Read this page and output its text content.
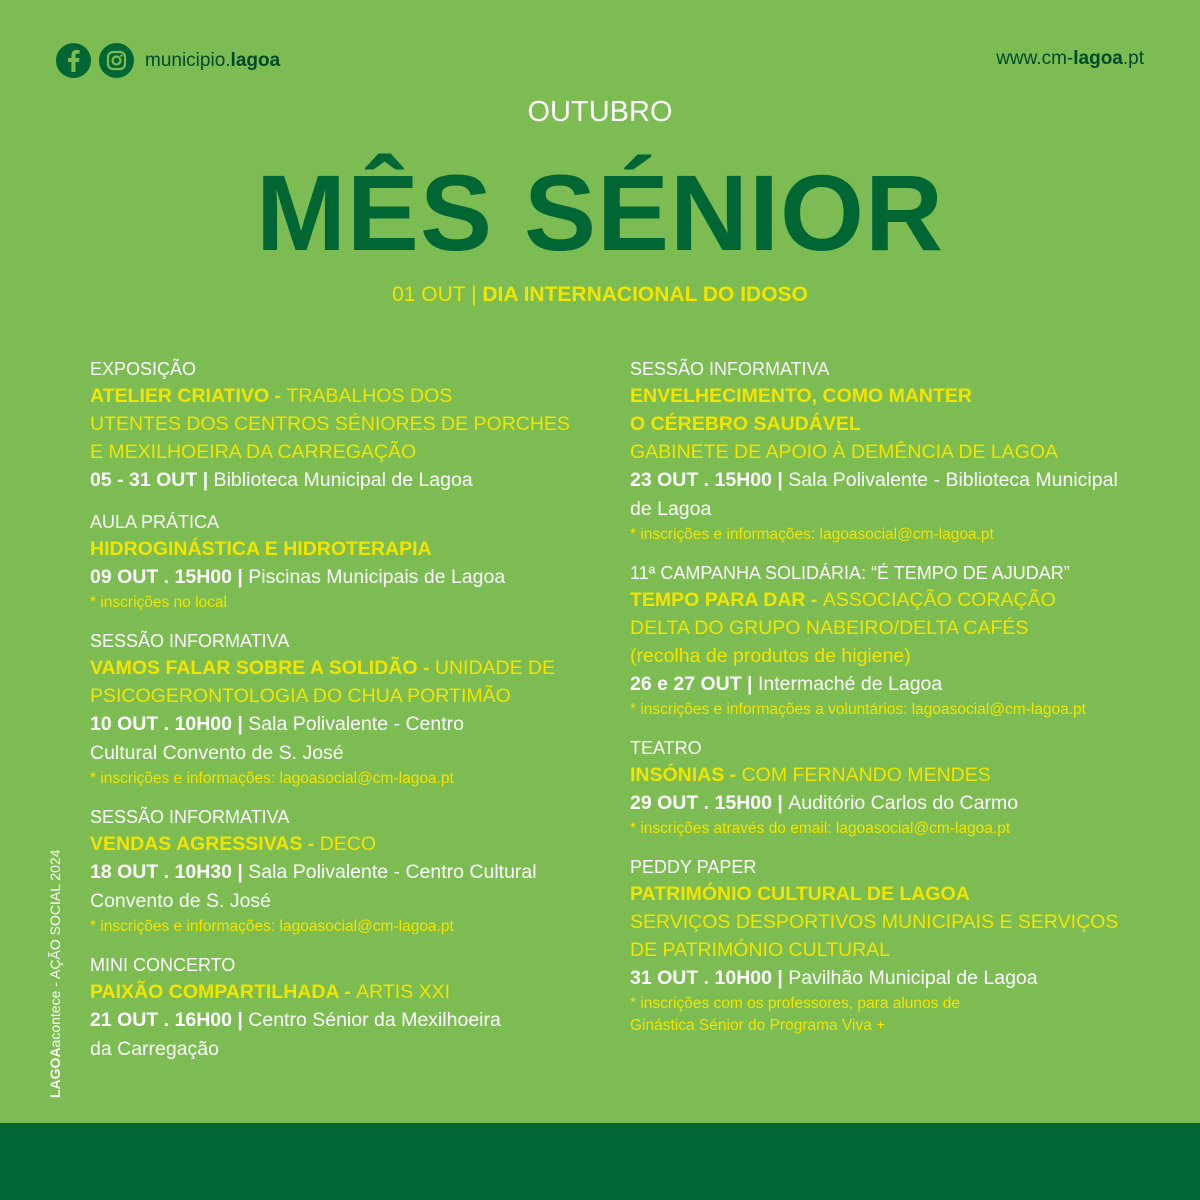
municipio.lagoa	www.cm-lagoa.pt
OUTUBRO
MÊS SÉNIOR
01 OUT | DIA INTERNACIONAL DO IDOSO
EXPOSIÇÃO
ATELIER CRIATIVO - TRABALHOS DOS
UTENTES DOS CENTROS SÉNIORES DE PORCHES
E MEXILHOEIRA DA CARREGAÇÃO
05 - 31 OUT | Biblioteca Municipal de Lagoa
AULA PRÁTICA
HIDROGINÁSTICA E HIDROTERAPIA
09 OUT . 15H00 | Piscinas Municipais de Lagoa
* inscrições no local
SESSÃO INFORMATIVA
VAMOS FALAR SOBRE A SOLIDÃO - UNIDADE DE
PSICOGERONTOLOGIA DO CHUA PORTIMÃO
10 OUT . 10H00 | Sala Polivalente - Centro
Cultural Convento de S. José
* inscrições e informações: lagoasocial@cm-lagoa.pt
SESSÃO INFORMATIVA
VENDAS AGRESSIVAS - DECO
18 OUT . 10H30 | Sala Polivalente - Centro Cultural
Convento de S. José
* inscrições e informações: lagoasocial@cm-lagoa.pt
MINI CONCERTO
PAIXÃO COMPARTILHADA - ARTIS XXI
21 OUT . 16H00 | Centro Sénior da Mexilhoeira
da Carregação
SESSÃO INFORMATIVA
ENVELHECIMENTO, COMO MANTER
O CÉREBRO SAUDÁVEL
GABINETE DE APOIO À DEMÊNCIA DE LAGOA
23 OUT . 15H00 | Sala Polivalente - Biblioteca Municipal
de Lagoa
* inscrições e informações: lagoasocial@cm-lagoa.pt
11ª CAMPANHA SOLIDÁRIA: “É TEMPO DE AJUDAR”
TEMPO PARA DAR - ASSOCIAÇÃO CORAÇÃO
DELTA DO GRUPO NABEIRO/DELTA CAFÉS
(recolha de produtos de higiene)
26 e 27 OUT | Intermaché de Lagoa
* inscrições e informações a voluntários: lagoasocial@cm-lagoa.pt
TEATRO
INSÓNIAS - COM FERNANDO MENDES
29 OUT . 15H00 | Auditório Carlos do Carmo
* inscrições através do email: lagoasocial@cm-lagoa.pt
PEDDY PAPER
PATRIMÓNIO CULTURAL DE LAGOA
SERVIÇOS DESPORTIVOS MUNICIPAIS E SERVIÇOS
DE PATRIMÓNIO CULTURAL
31 OUT . 10H00 | Pavilhão Municipal de Lagoa
* inscrições com os professores, para alunos de
Ginástica Sénior do Programa Viva +
LAGOAacontece - AÇÃO SOCIAL 2024
